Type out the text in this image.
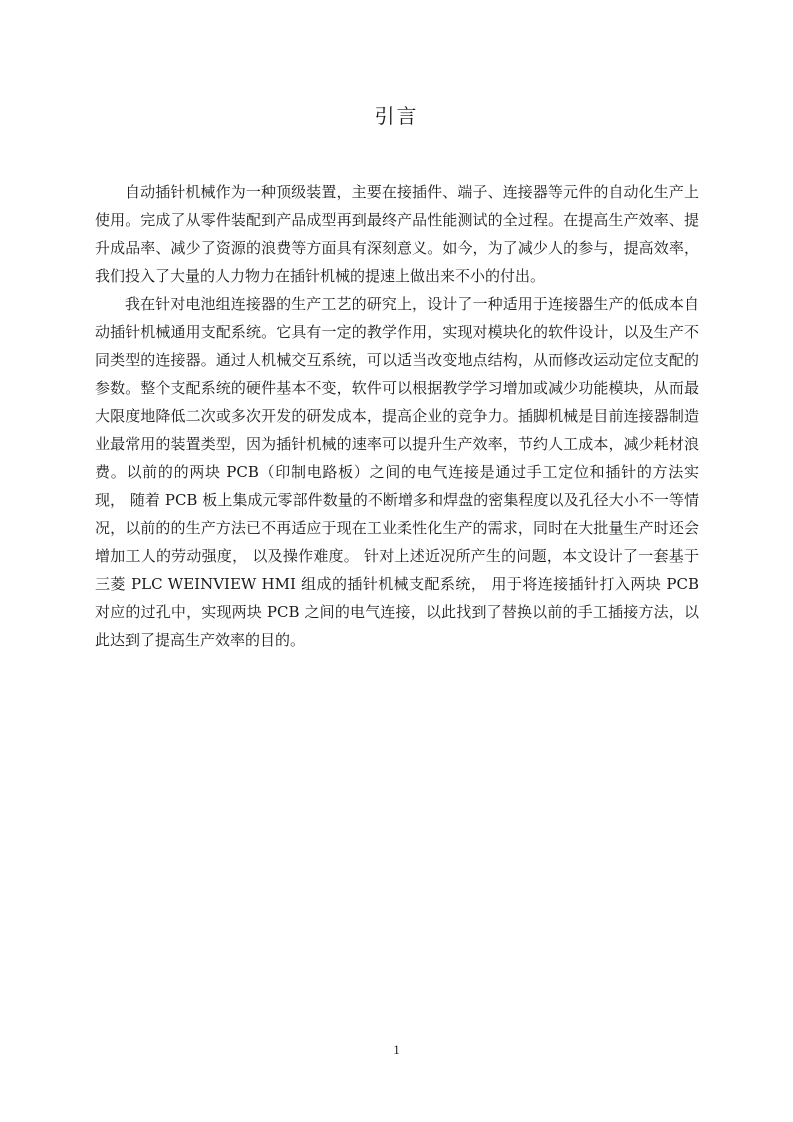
引言

自动插针机械作为一种顶级装置，主要在接插件、端子、连接器等元件的自动化生产上使用。完成了从零件装配到产品成型再到最终产品性能测试的全过程。在提高生产效率、提升成品率、减少了资源的浪费等方面具有深刻意义。如今，为了减少人的参与，提高效率，我们投入了大量的人力物力在插针机械的提速上做出来不小的付出。

我在针对电池组连接器的生产工艺的研究上，设计了一种适用于连接器生产的低成本自动插针机械通用支配系统。它具有一定的教学作用，实现对模块化的软件设计，以及生产不同类型的连接器。通过人机械交互系统，可以适当改变地点结构，从而修改运动定位支配的参数。整个支配系统的硬件基本不变，软件可以根据教学学习增加或减少功能模块，从而最大限度地降低二次或多次开发的研发成本，提高企业的竞争力。插脚机械是目前连接器制造业最常用的装置类型，因为插针机械的速率可以提升生产效率，节约人工成本，减少耗材浪费。以前的的两块 PCB（印制电路板）之间的电气连接是通过手工定位和插针的方法实现， 随着 PCB 板上集成元零部件数量的不断增多和焊盘的密集程度以及孔径大小不一等情况，以前的的生产方法已不再适应于现在工业柔性化生产的需求，同时在大批量生产时还会增加工人的劳动强度， 以及操作难度。 针对上述近况所产生的问题，本文设计了一套基于三菱 PLC WEINVIEW HMI 组成的插针机械支配系统， 用于将连接插针打入两块 PCB 对应的过孔中，实现两块 PCB 之间的电气连接，以此找到了替换以前的手工插接方法，以此达到了提高生产效率的目的。

1
